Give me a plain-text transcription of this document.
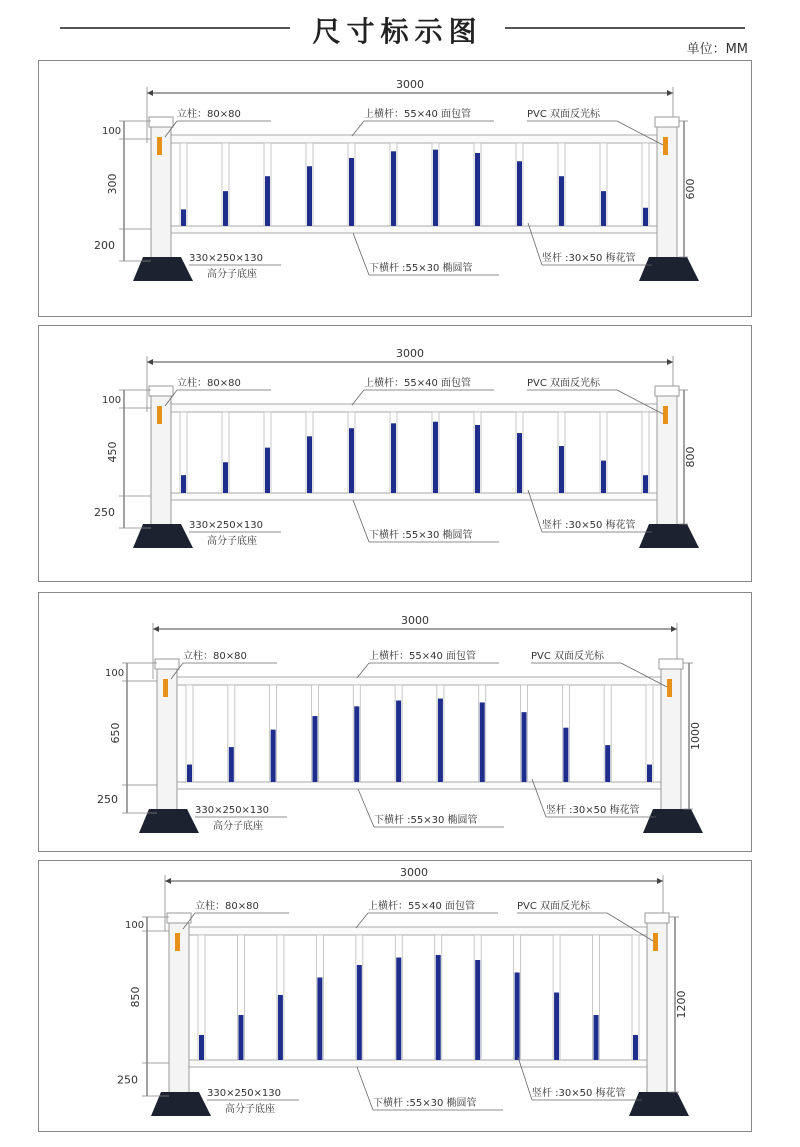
尺寸标示图
单位：MM
3000
100
300
200
600
立柱：80×80	上横杆：55×40 面包管	PVC 双面反光标
330×250×130
高分子底座
下横杆 :55×30 椭圆管
竖杆 :30×50 梅花管
3000
100
450
250
800
立柱：80×80	上横杆：55×40 面包管	PVC 双面反光标
330×250×130
高分子底座
下横杆 :55×30 椭圆管
竖杆 :30×50 梅花管
3000
100
650
250
1000
立柱：80×80	上横杆：55×40 面包管	PVC 双面反光标
330×250×130
高分子底座
下横杆 :55×30 椭圆管
竖杆 :30×50 梅花管
3000
100
850
250
1200
立柱：80×80	上横杆：55×40 面包管	PVC 双面反光标
330×250×130
高分子底座
下横杆 :55×30 椭圆管
竖杆 :30×50 梅花管
